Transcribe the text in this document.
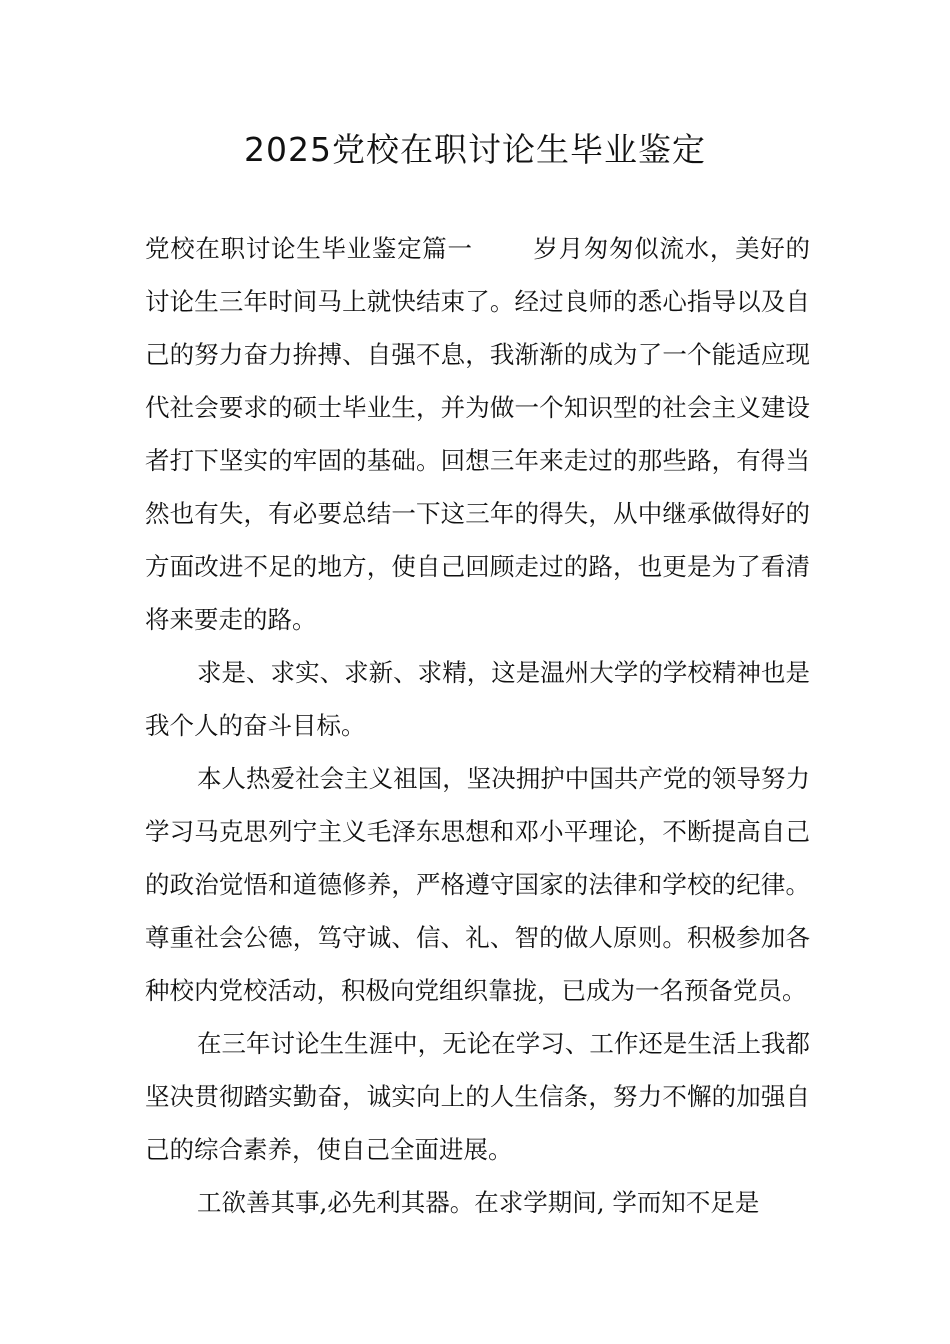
2025党校在职讨论生毕业鉴定

党校在职讨论生毕业鉴定篇一 岁月匆匆似流水，美好的讨论生三年时间马上就快结束了。经过良师的悉心指导以及自己的努力奋力拚搏、自强不息，我渐渐的成为了一个能适应现代社会要求的硕士毕业生，并为做一个知识型的社会主义建设者打下坚实的牢固的基础。回想三年来走过的那些路，有得当然也有失，有必要总结一下这三年的得失，从中继承做得好的方面改进不足的地方，使自己回顾走过的路，也更是为了看清将来要走的路。

求是、求实、求新、求精，这是温州大学的学校精神也是我个人的奋斗目标。

本人热爱社会主义祖国，坚决拥护中国共产党的领导努力学习马克思列宁主义毛泽东思想和邓小平理论，不断提高自己的政治觉悟和道德修养，严格遵守国家的法律和学校的纪律。尊重社会公德，笃守诚、信、礼、智的做人原则。积极参加各种校内党校活动，积极向党组织靠拢，已成为一名预备党员。

在三年讨论生生涯中，无论在学习、工作还是生活上我都坚决贯彻踏实勤奋，诚实向上的人生信条，努力不懈的加强自己的综合素养，使自己全面进展。

工欲善其事,必先利其器。在求学期间, 学而知不足是
